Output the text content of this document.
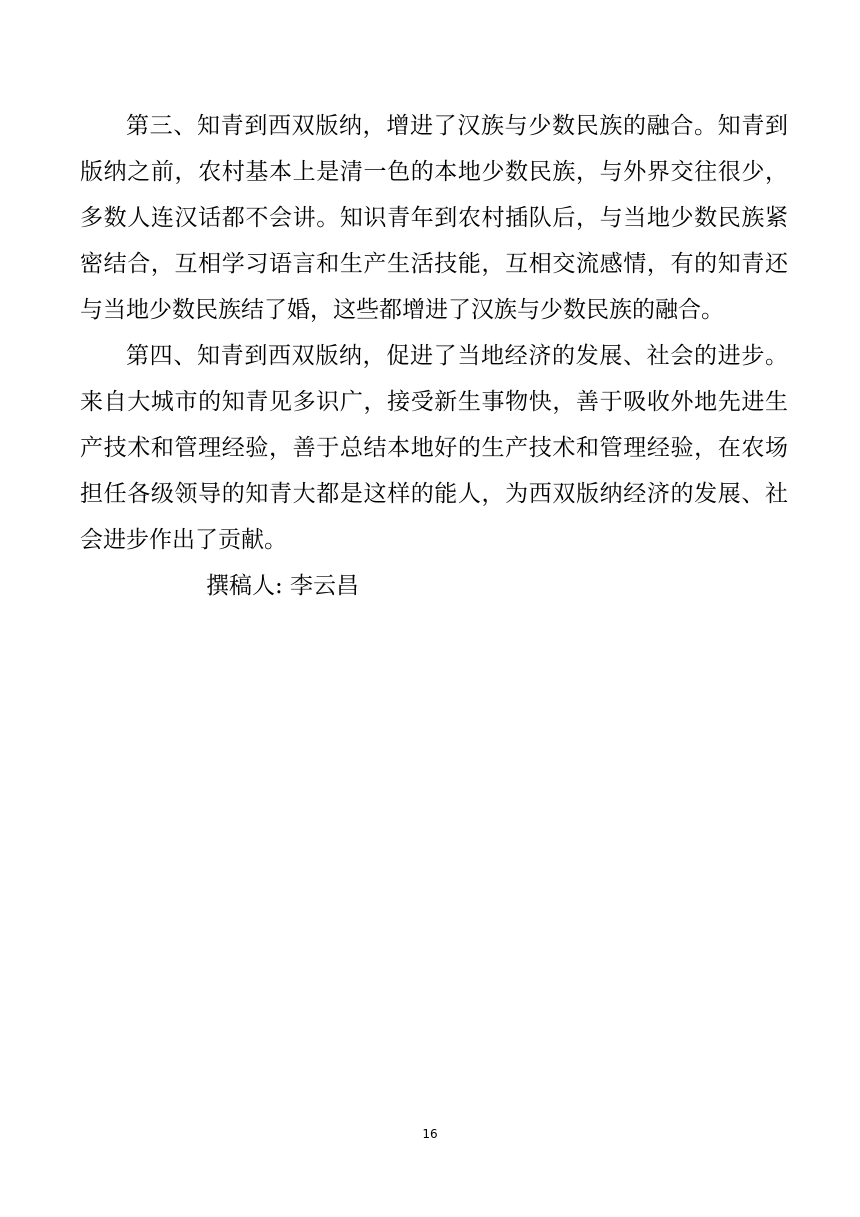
第三、知青到西双版纳，增进了汉族与少数民族的融合。知青到版纳之前，农村基本上是清一色的本地少数民族，与外界交往很少，多数人连汉话都不会讲。知识青年到农村插队后，与当地少数民族紧密结合，互相学习语言和生产生活技能，互相交流感情，有的知青还与当地少数民族结了婚，这些都增进了汉族与少数民族的融合。

第四、知青到西双版纳，促进了当地经济的发展、社会的进步。来自大城市的知青见多识广，接受新生事物快，善于吸收外地先进生产技术和管理经验，善于总结本地好的生产技术和管理经验，在农场担任各级领导的知青大都是这样的能人，为西双版纳经济的发展、社会进步作出了贡献。

撰稿人: 李云昌

16
